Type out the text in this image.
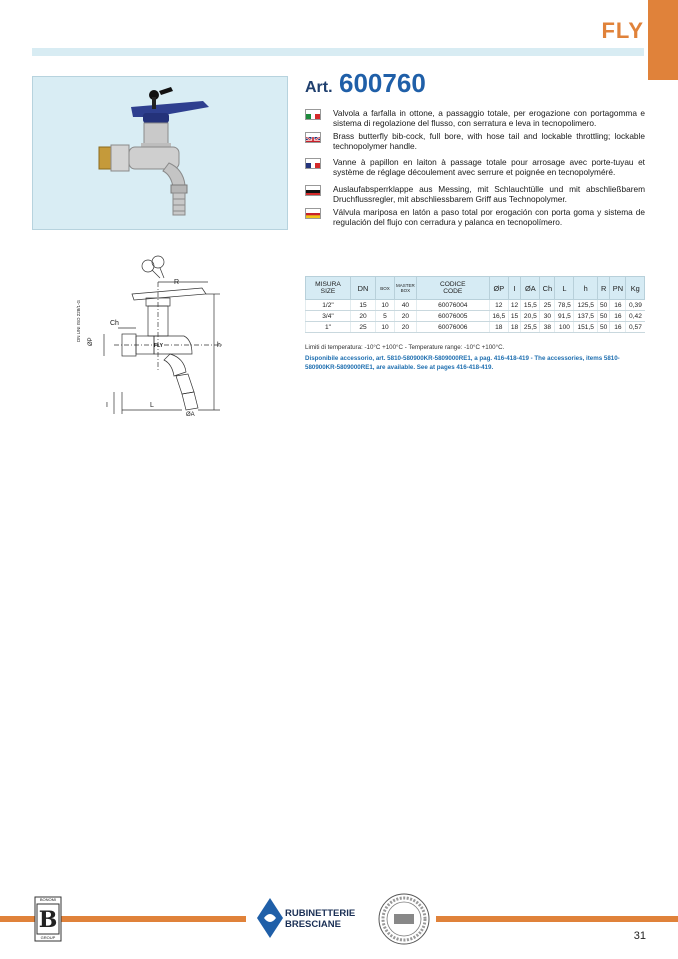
FLY
Art. 600760
Valvola a farfalla in ottone, a passaggio totale, per erogazione con portagomma e sistema di regolazione del flusso, con serratura e leva in tecnopolimero.
Brass butterfly bib-cock, full bore, with hose tail and lockable throttling; lockable technopolymer handle.
Vanne à papillon en laiton à passage totale pour arrosage avec porte-tuyau et système de réglage découlement avec serrure et poignée en tecnopolyméré.
Auslaufabsperrklappe aus Messing, mit Schlauchtülle und mit abschließbarem Druchflussregler, mit abschliessbarem Griff aus Technopolymer.
Válvula mariposa en latón a paso total por erogación con porta goma y sistema de regulación del flujo con cerradura y palanca en tecnopolímero.
R
Ch
h
I	L
ØA
ØP	FLY
DN UNI ISO 228/1-G
MISURA
SIZE	DN	BOX	MASTER
BOX	CODICE
CODE	ØP	I	ØA	Ch	L	h	R	PN	Kg
1/2"	15	10	40	60076004	12	12	15,5	25	78,5	125,5	50	16	0,39
3/4"	20	5	20	60076005	16,5	15	20,5	30	91,5	137,5	50	16	0,42
1"	25	10	20	60076006	18	18	25,5	38	100	151,5	50	16	0,57
Limiti di temperatura: -10°C +100°C - Temperature range: -10°C +100°C.
Disponibile accessorio, art. 5810-580900KR-5809000RE1, a pag. 416-418-419 - The accessories, items 5810-580900KR-5809000RE1, are available. See at pages 416-418-419.
B
BONOMI
GROUP
RUBINETTERIE
BRESCIANE
31
